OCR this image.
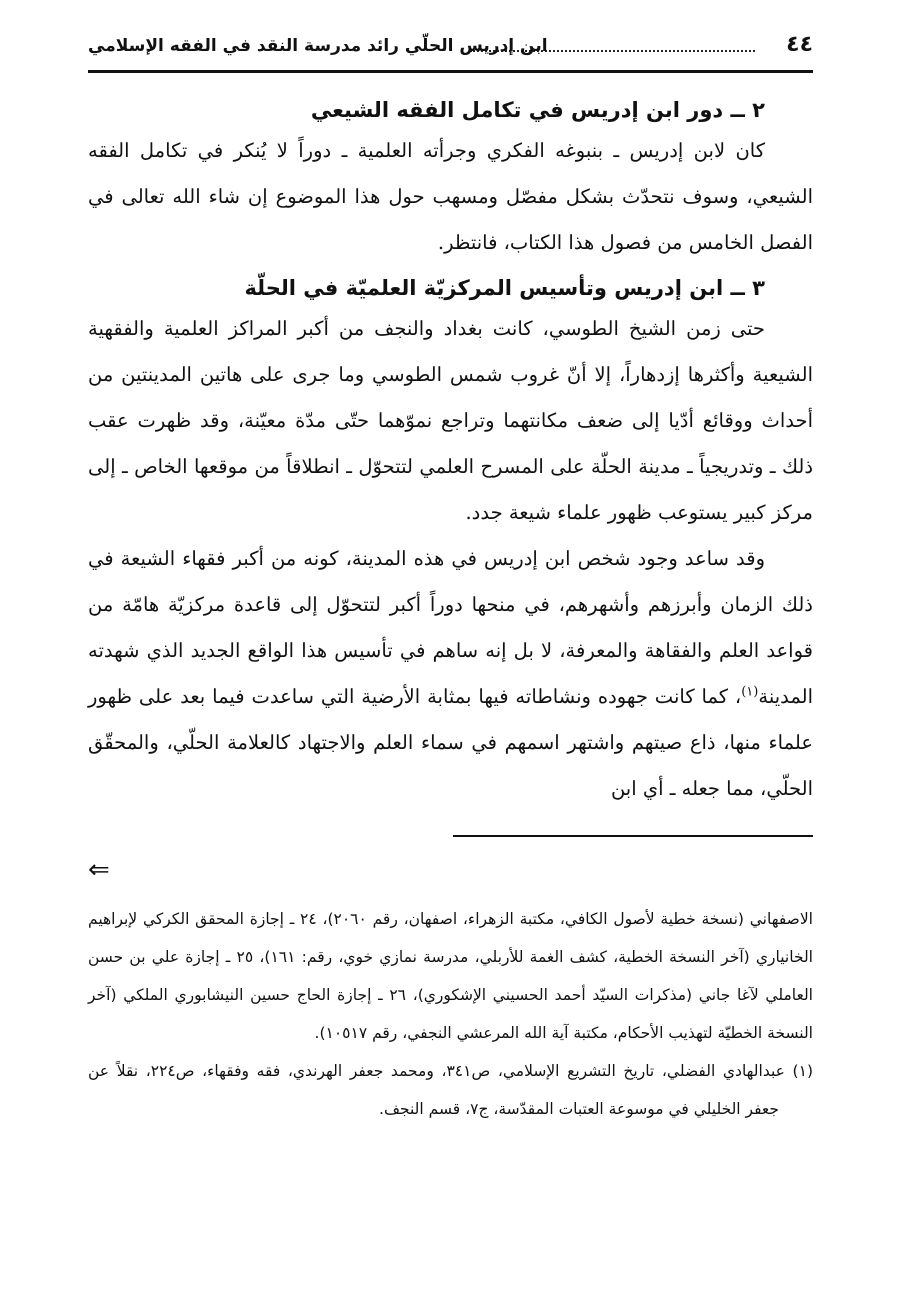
٤٤
ابن إدريس الحلّي رائد مدرسة النقد في الفقه الإسلامي
٢ ــ دور ابن إدريس في تكامل الفقه الشيعي

كان لابن إدريس ـ بنبوغه الفكري وجرأته العلمية ـ دوراً لا يُنكر في تكامل الفقه الشيعي، وسوف نتحدّث بشكل مفصّل ومسهب حول هذا الموضوع إن شاء الله تعالى في الفصل الخامس من فصول هذا الكتاب، فانتظر.

٣ ــ ابن إدريس وتأسيس المركزيّة العلميّة في الحلّة

حتى زمن الشيخ الطوسي، كانت بغداد والنجف من أكبر المراكز العلمية والفقهية الشيعية وأكثرها إزدهاراً، إلا أنّ غروب شمس الطوسي وما جرى على هاتين المدينتين من أحداث ووقائع أدّيا إلى ضعف مكانتهما وتراجع نموّهما حتّى مدّة معيّنة، وقد ظهرت عقب ذلك ـ وتدريجياً ـ مدينة الحلّة على المسرح العلمي لتتحوّل ـ انطلاقاً من موقعها الخاص ـ إلى مركز كبير يستوعب ظهور علماء شيعة جدد.

وقد ساعد وجود شخص ابن إدريس في هذه المدينة، كونه من أكبر فقهاء الشيعة في ذلك الزمان وأبرزهم وأشهرهم، في منحها دوراً أكبر لتتحوّل إلى قاعدة مركزيّة هامّة من قواعد العلم والفقاهة والمعرفة، لا بل إنه ساهم في تأسيس هذا الواقع الجديد الذي شهدته المدينة$^{(١)}$، كما كانت جهوده ونشاطاته فيها بمثابة الأرضية التي ساعدت فيما بعد على ظهور علماء منها، ذاع صيتهم واشتهر اسمهم في سماء العلم والاجتهاد كالعلامة الحلّي، والمحقّق الحلّي، مما جعله ـ أي ابن

⇐

الاصفهاني (نسخة خطية لأصول الكافي، مكتبة الزهراء، اصفهان، رقم ٢٠٦٠)، ٢٤ ـ إجازة المحقق الكركي لإبراهيم الخانياري (آخر النسخة الخطية، كشف الغمة للأربلي، مدرسة نمازي خوي، رقم: ١٦١)، ٢٥ ـ إجازة علي بن حسن العاملي لآغا جاني (مذكرات السيّد أحمد الحسيني الإشكوري)، ٢٦ ـ إجازة الحاج حسين النيشابوري الملكي (آخر النسخة الخطيّة لتهذيب الأحكام، مكتبة آية الله المرعشي النجفي، رقم ١٠٥١٧).

(١) عبدالهادي الفضلي، تاريخ التشريع الإسلامي، ص٣٤١، ومحمد جعفر الهرندي، فقه وفقهاء، ص٢٢٤، نقلاً عن جعفر الخليلي في موسوعة العتبات المقدّسة، ج٧، قسم النجف.
